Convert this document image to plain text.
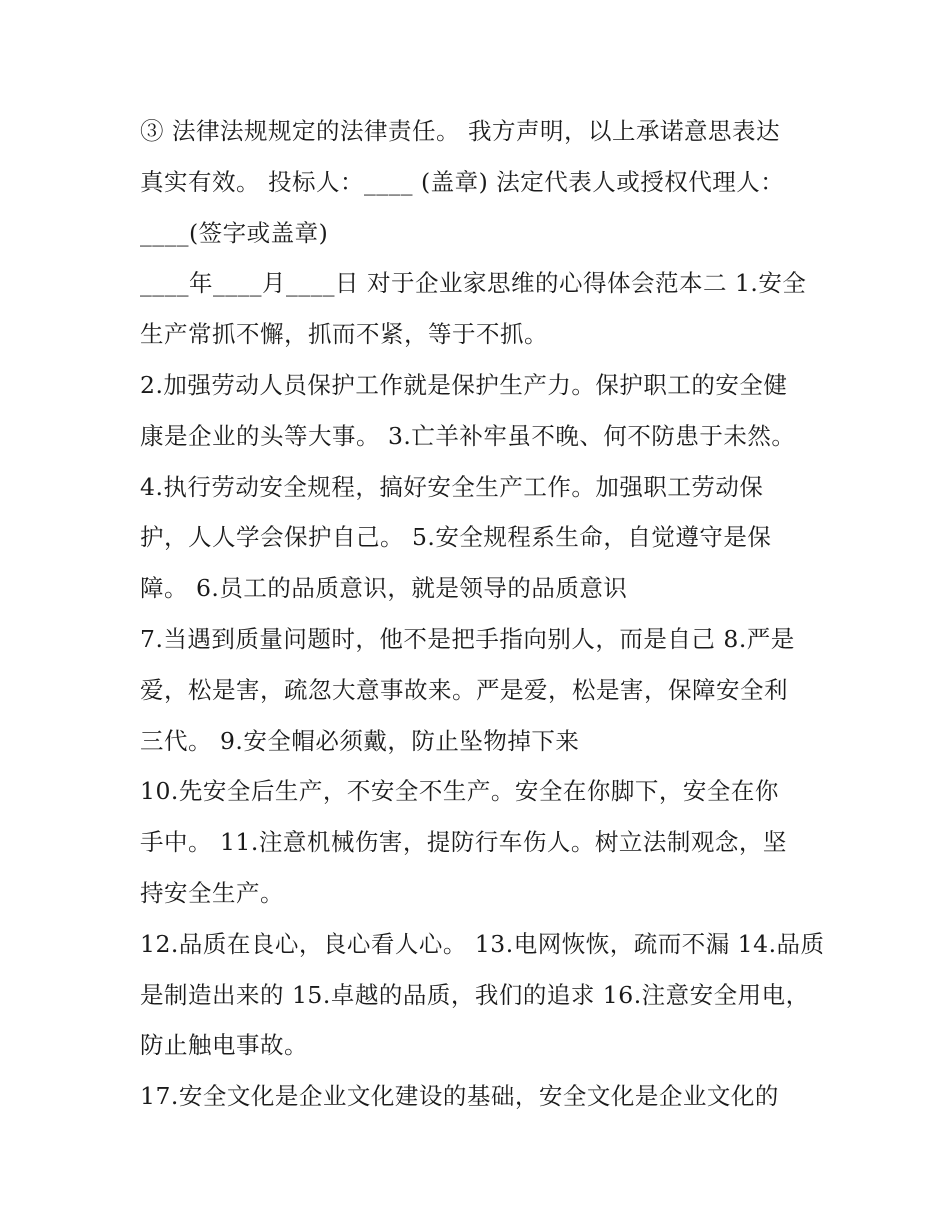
③ 法律法规规定的法律责任。 我方声明，以上承诺意思表达
真实有效。 投标人：____ (盖章) 法定代表人或授权代理人：
____(签字或盖章)
____年____月____日 对于企业家思维的心得体会范本二 1.安全
生产常抓不懈，抓而不紧，等于不抓。
2.加强劳动人员保护工作就是保护生产力。保护职工的安全健
康是企业的头等大事。 3.亡羊补牢虽不晚、何不防患于未然。
4.执行劳动安全规程，搞好安全生产工作。加强职工劳动保
护，人人学会保护自己。 5.安全规程系生命，自觉遵守是保
障。 6.员工的品质意识，就是领导的品质意识
7.当遇到质量问题时，他不是把手指向别人，而是自己 8.严是
爱，松是害，疏忽大意事故来。严是爱，松是害，保障安全利
三代。 9.安全帽必须戴，防止坠物掉下来
10.先安全后生产，不安全不生产。安全在你脚下，安全在你
手中。 11.注意机械伤害，提防行车伤人。树立法制观念，坚
持安全生产。
12.品质在良心，良心看人心。 13.电网恢恢，疏而不漏 14.品质
是制造出来的 15.卓越的品质，我们的追求 16.注意安全用电，
防止触电事故。
17.安全文化是企业文化建设的基础，安全文化是企业文化的
